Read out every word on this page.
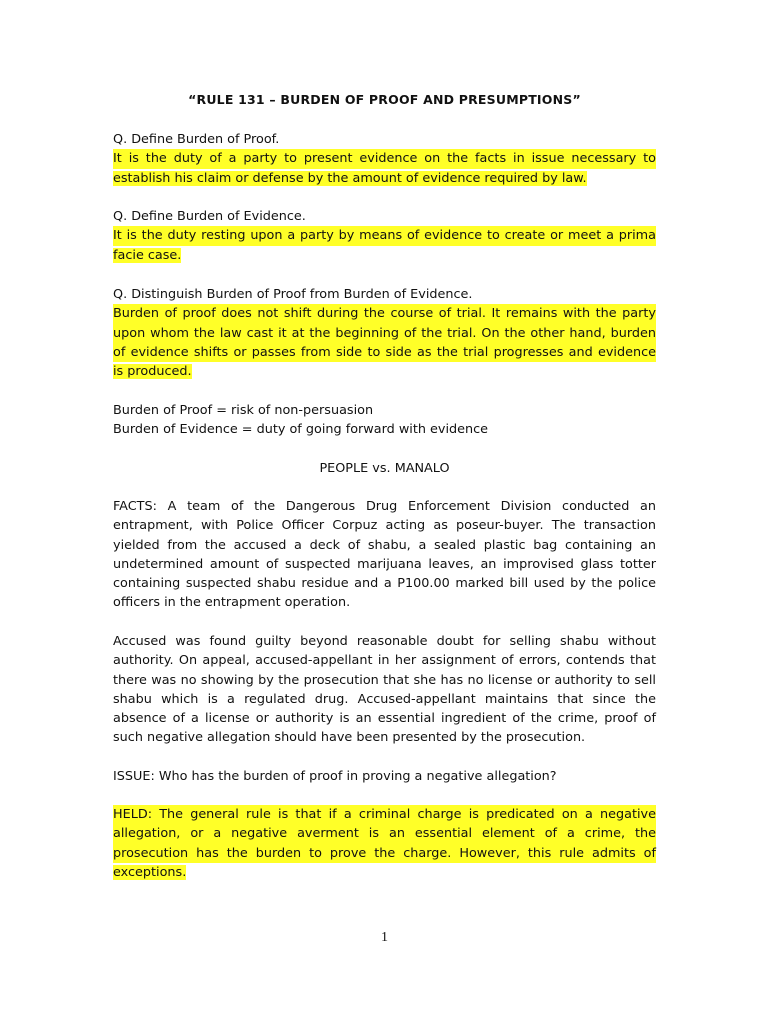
“RULE 131 – BURDEN OF PROOF AND PRESUMPTIONS”
Q. Define Burden of Proof.
It is the duty of a party to present evidence on the facts in issue necessary to
establish his claim or defense by the amount of evidence required by law.
Q. Define Burden of Evidence.
It is the duty resting upon a party by means of evidence to create or meet a prima
facie case.
Q. Distinguish Burden of Proof from Burden of Evidence.
Burden of proof does not shift during the course of trial. It remains with the party
upon whom the law cast it at the beginning of the trial. On the other hand, burden
of evidence shifts or passes from side to side as the trial progresses and evidence
is produced.
Burden of Proof = risk of non-persuasion
Burden of Evidence = duty of going forward with evidence
PEOPLE vs. MANALO
FACTS: A team of the Dangerous Drug Enforcement Division conducted an
entrapment, with Police Officer Corpuz acting as poseur-buyer. The transaction
yielded from the accused a deck of shabu, a sealed plastic bag containing an
undetermined amount of suspected marijuana leaves, an improvised glass totter
containing suspected shabu residue and a P100.00 marked bill used by the police
officers in the entrapment operation.
Accused was found guilty beyond reasonable doubt for selling shabu without
authority. On appeal, accused-appellant in her assignment of errors, contends that
there was no showing by the prosecution that she has no license or authority to sell
shabu which is a regulated drug. Accused-appellant maintains that since the
absence of a license or authority is an essential ingredient of the crime, proof of
such negative allegation should have been presented by the prosecution.
ISSUE: Who has the burden of proof in proving a negative allegation?
HELD: The general rule is that if a criminal charge is predicated on a negative
allegation, or a negative averment is an essential element of a crime, the
prosecution has the burden to prove the charge. However, this rule admits of
exceptions.
1
